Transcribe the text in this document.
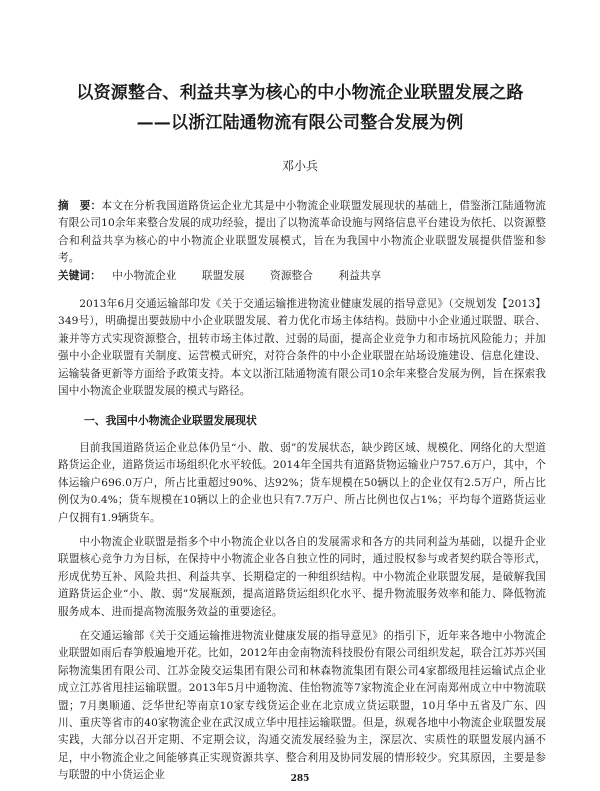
以资源整合、利益共享为核心的中小物流企业联盟发展之路
——以浙江陆通物流有限公司整合发展为例
邓小兵
摘　要：本文在分析我国道路货运企业尤其是中小物流企业联盟发展现状的基础上，借鉴浙江陆通物流有限公司10余年来整合发展的成功经验，提出了以物流革命设施与网络信息平台建设为依托、以资源整合和利益共享为核心的中小物流企业联盟发展模式，旨在为我国中小物流企业联盟发展提供借鉴和参考。
关键词： 中小物流企业 联盟发展 资源整合 利益共享
2013年6月交通运输部印发《关于交通运输推进物流业健康发展的指导意见》（交规划发【2013】349号），明确提出要鼓励中小企业联盟发展、着力优化市场主体结构。鼓励中小企业通过联盟、联合、兼并等方式实现资源整合，扭转市场主体过散、过弱的局面，提高企业竞争力和市场抗风险能力；并加强中小企业联盟有关制度、运营模式研究，对符合条件的中小企业联盟在站场设施建设、信息化建设、运输装备更新等方面给予政策支持。本文以浙江陆通物流有限公司10余年来整合发展为例，旨在探索我国中小物流企业联盟发展的模式与路径。
一、我国中小物流企业联盟发展现状
目前我国道路货运企业总体仍呈“小、散、弱”的发展状态，缺少跨区域、规模化、网络化的大型道路货运企业，道路货运市场组织化水平较低。2014年全国共有道路货物运输业户757.6万户，其中，个体运输户696.0万户，所占比重超过90%、达92%；货车规模在50辆以上的企业仅有2.5万户，所占比例仅为0.4%；货车规模在10辆以上的企业也只有7.7万户、所占比例也仅占1%；平均每个道路货运业户仅拥有1.9辆货车。
中小物流企业联盟是指多个中小物流企业以各自的发展需求和各方的共同利益为基础，以提升企业联盟核心竞争力为目标，在保持中小物流企业各自独立性的同时，通过股权参与或者契约联合等形式，形成优势互补、风险共担、利益共享、长期稳定的一种组织结构。中小物流企业联盟发展，是破解我国道路货运企业“小、散、弱”发展瓶颈，提高道路货运组织化水平、提升物流服务效率和能力、降低物流服务成本、进而提高物流服务效益的重要途径。
在交通运输部《关于交通运输推进物流业健康发展的指导意见》的指引下，近年来各地中小物流企业联盟如雨后春笋般遍地开花。比如，2012年由金南物流科技股份有限公司组织发起，联合江苏苏兴国际物流集团有限公司、江苏金陵交运集团有限公司和林森物流集团有限公司4家都级甩挂运输试点企业成立江苏省甩挂运输联盟。2013年5月中通物流、佳怡物流等7家物流企业在河南郑州成立中中物流联盟；7月奥顺通、泛华世纪等南京10家专线货运企业在北京成立货运联盟，10月华中五省及广东、四川、重庆等省市的40家物流企业在武汉成立华中甩挂运输联盟。但是，纵观各地中小物流企业联盟发展实践，大部分以召开定期、不定期会议，沟通交流发展经验为主，深层次、实质性的联盟发展内涵不足，中小物流企业之间能够真正实现资源共享、整合利用及协同发展的情形较少。究其原因，主要是参与联盟的中小货运企业	285
